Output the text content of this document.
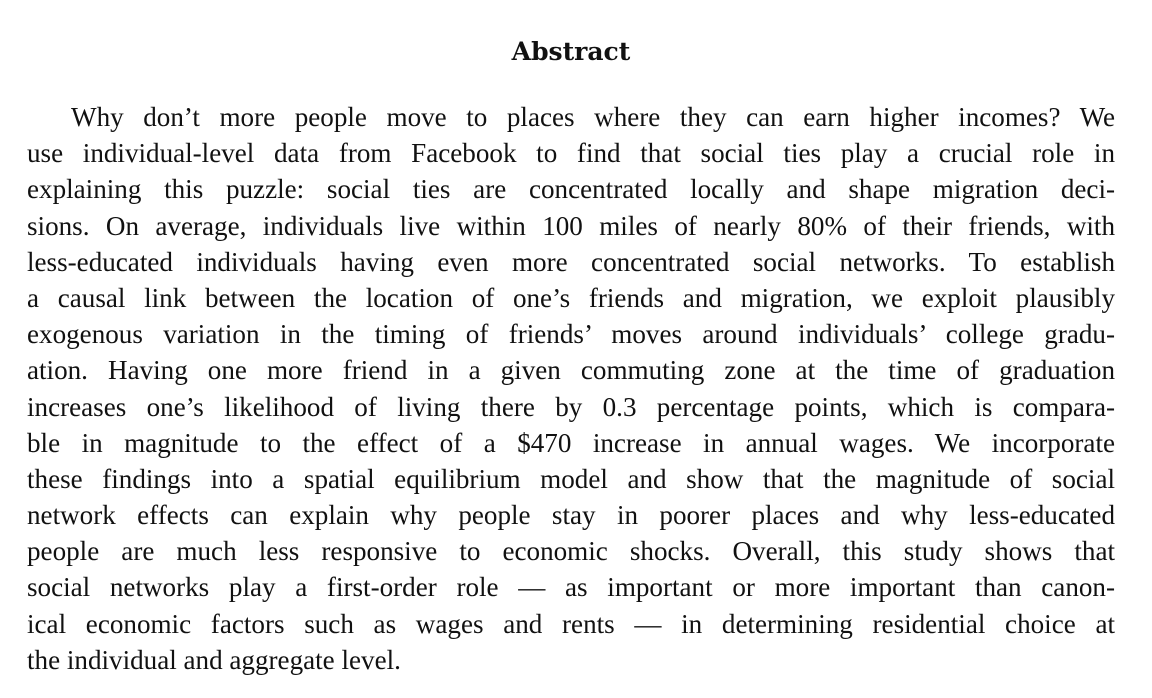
Abstract
Why don’t more people move to places where they can earn higher incomes? We
use individual-level data from Facebook to find that social ties play a crucial role in
explaining this puzzle: social ties are concentrated locally and shape migration deci-
sions. On average, individuals live within 100 miles of nearly 80% of their friends, with
less-educated individuals having even more concentrated social networks. To establish
a causal link between the location of one’s friends and migration, we exploit plausibly
exogenous variation in the timing of friends’ moves around individuals’ college gradu-
ation. Having one more friend in a given commuting zone at the time of graduation
increases one’s likelihood of living there by 0.3 percentage points, which is compara-
ble in magnitude to the effect of a $470 increase in annual wages. We incorporate
these findings into a spatial equilibrium model and show that the magnitude of social
network effects can explain why people stay in poorer places and why less-educated
people are much less responsive to economic shocks. Overall, this study shows that
social networks play a first-order role — as important or more important than canon-
ical economic factors such as wages and rents — in determining residential choice at
the individual and aggregate level.
